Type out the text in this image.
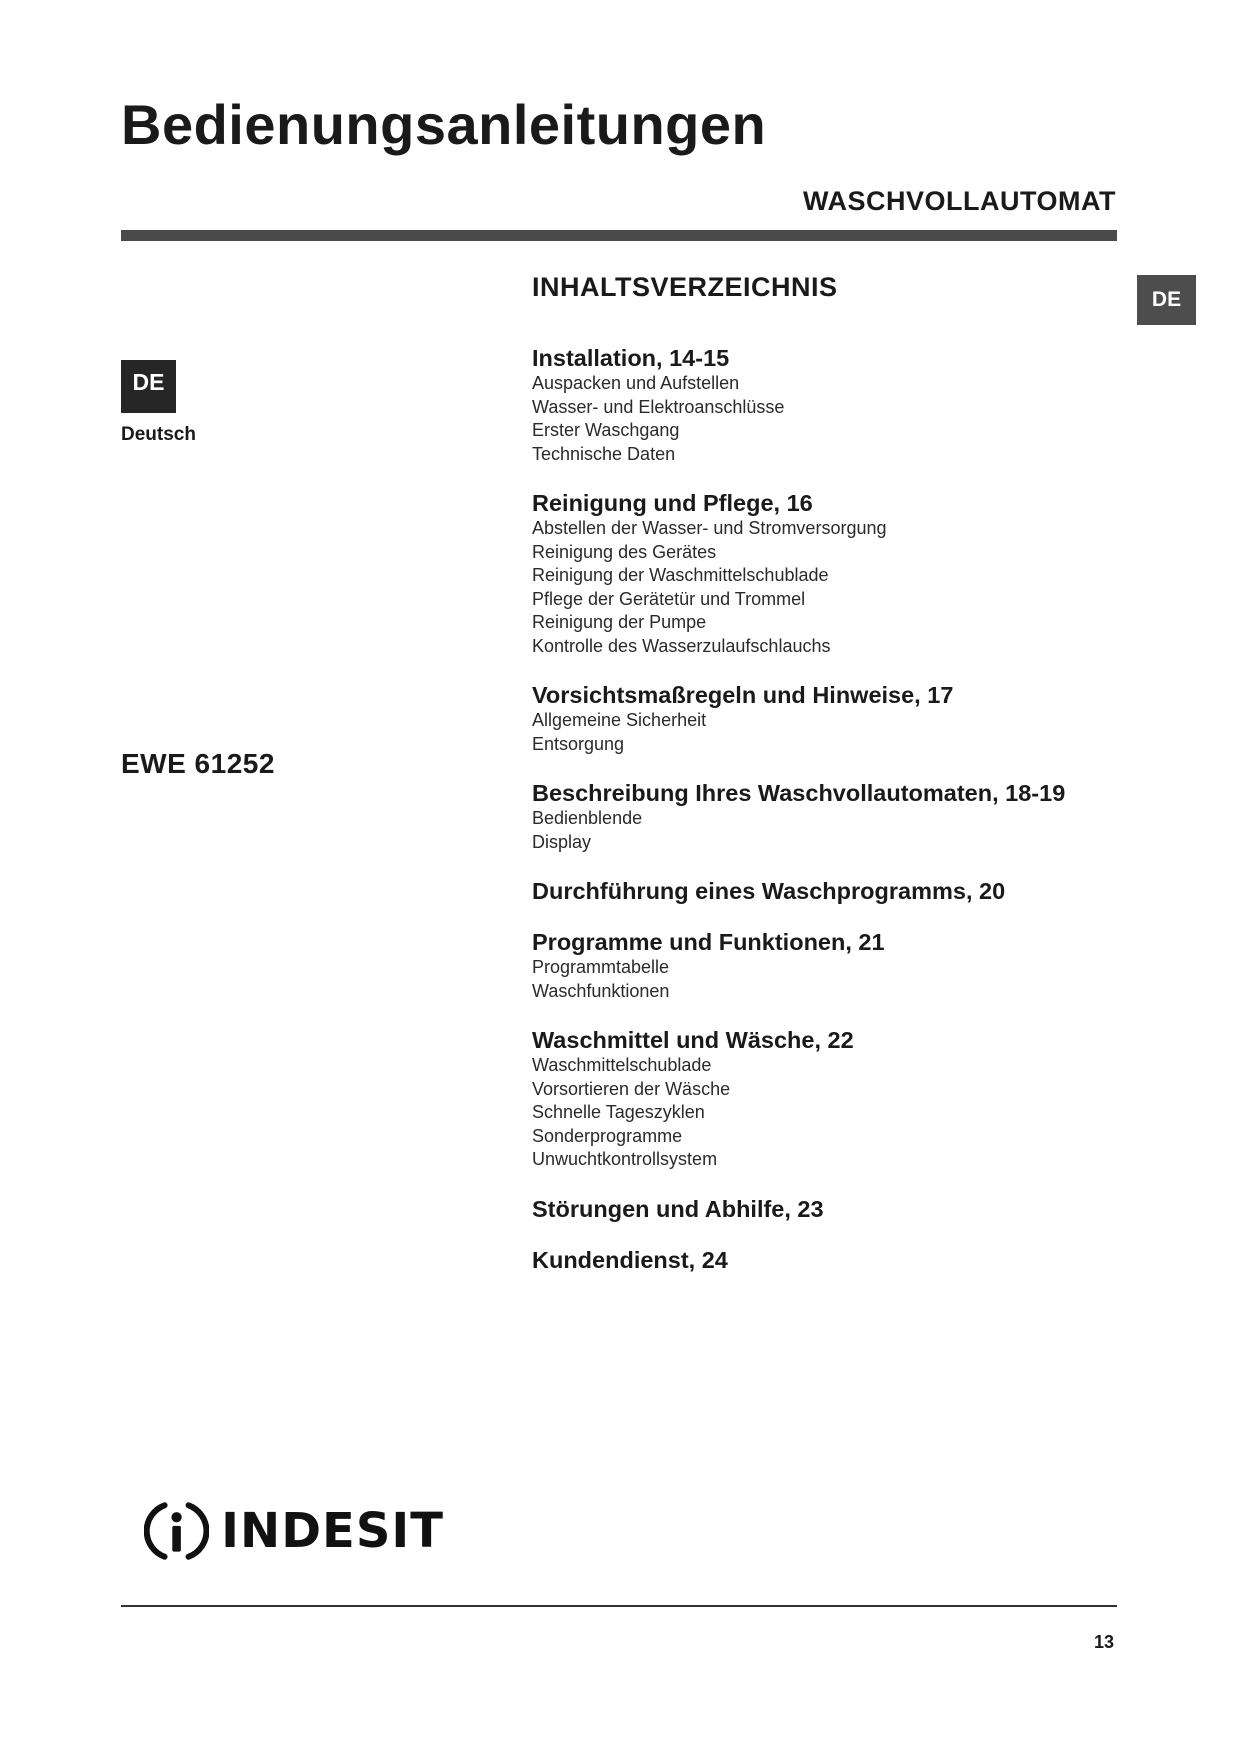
Bedienungsanleitungen
WASCHVOLLAUTOMAT
DE
DE
Deutsch
EWE 61252
INHALTSVERZEICHNIS
Installation, 14-15
Auspacken und Aufstellen
Wasser- und Elektroanschlüsse
Erster Waschgang
Technische Daten
Reinigung und Pflege, 16
Abstellen der Wasser- und Stromversorgung
Reinigung des Gerätes
Reinigung der Waschmittelschublade
Pflege der Gerätetür und Trommel
Reinigung der Pumpe
Kontrolle des Wasserzulaufschlauchs
Vorsichtsmaßregeln und Hinweise, 17
Allgemeine Sicherheit
Entsorgung
Beschreibung Ihres Waschvollautomaten, 18-19
Bedienblende
Display
Durchführung eines Waschprogramms, 20
Programme und Funktionen, 21
Programmtabelle
Waschfunktionen
Waschmittel und Wäsche, 22
Waschmittelschublade
Vorsortieren der Wäsche
Schnelle Tageszyklen
Sonderprogramme
Unwuchtkontrollsystem
Störungen und Abhilfe, 23
Kundendienst, 24
INDESIT
13
